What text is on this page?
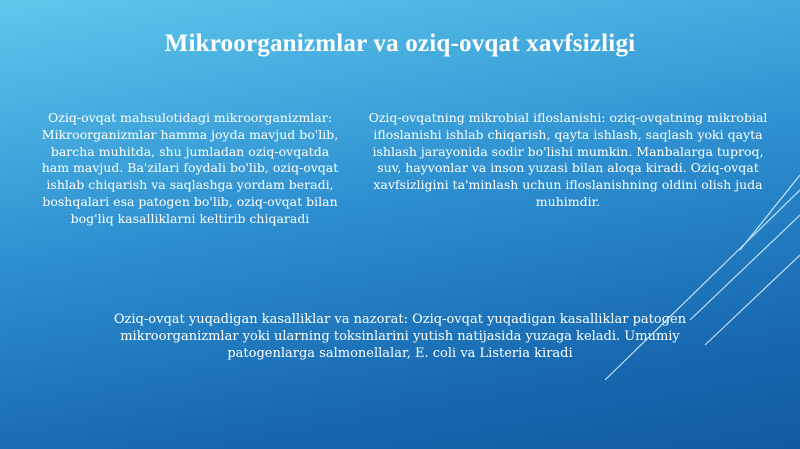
Mikroorganizmlar va oziq-ovqat xavfsizligi
Oziq-ovqat mahsulotidagi mikroorganizmlar: Mikroorganizmlar hamma joyda mavjud bo'lib, barcha muhitda, shu jumladan oziq-ovqatda ham mavjud. Ba'zilari foydali bo'lib, oziq-ovqat ishlab chiqarish va saqlashga yordam beradi, boshqalari esa patogen bo'lib, oziq-ovqat bilan bog'liq kasalliklarni keltirib chiqaradi
Oziq-ovqatning mikrobial ifloslanishi: oziq-ovqatning mikrobial ifloslanishi ishlab chiqarish, qayta ishlash, saqlash yoki qayta ishlash jarayonida sodir bo'lishi mumkin. Manbalarga tuproq, suv, hayvonlar va inson yuzasi bilan aloqa kiradi. Oziq-ovqat xavfsizligini ta'minlash uchun ifloslanishning oldini olish juda muhimdir.
Oziq-ovqat yuqadigan kasalliklar va nazorat: Oziq-ovqat yuqadigan kasalliklar patogen mikroorganizmlar yoki ularning toksinlarini yutish natijasida yuzaga keladi. Umumiy patogenlarga salmonellalar, E. coli va Listeria kiradi
